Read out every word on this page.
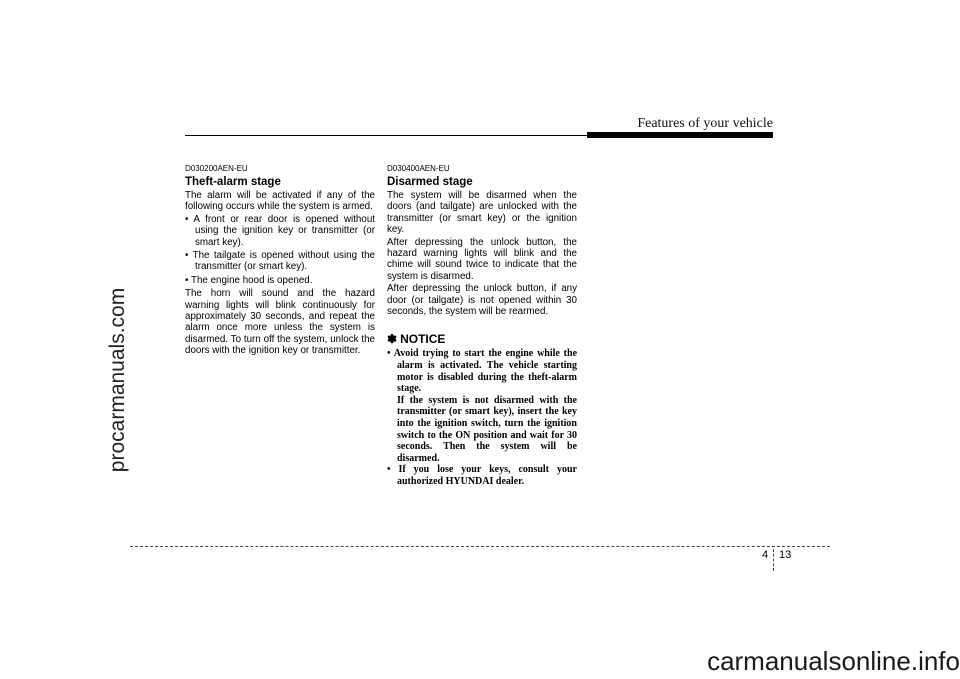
procarmanuals.com
Features of your vehicle
D030200AEN-EU
Theft-alarm stage
The alarm will be activated if any of the following occurs while the system is armed.
• A front or rear door is opened without using the ignition key or transmitter (or smart key).
• The tailgate is opened without using the transmitter (or smart key).
• The engine hood is opened.
The horn will sound and the hazard warning lights will blink continuously for approximately 30 seconds, and repeat the alarm once more unless the system is disarmed. To turn off the system, unlock the doors with the ignition key or transmitter.
D030400AEN-EU
Disarmed stage
The system will be disarmed when the doors (and tailgate) are unlocked with the transmitter (or smart key) or the ignition key.
After depressing the unlock button, the hazard warning lights will blink and the chime will sound twice to indicate that the system is disarmed.
After depressing the unlock button, if any door (or tailgate) is not opened within 30 seconds, the system will be rearmed.
✽ NOTICE
• Avoid trying to start the engine while the alarm is activated. The vehicle starting motor is disabled during the theft-alarm stage.
If the system is not disarmed with the transmitter (or smart key), insert the key into the ignition switch, turn the ignition switch to the ON position and wait for 30 seconds. Then the system will be disarmed.
• If you lose your keys, consult your authorized HYUNDAI dealer.
4 13
carmanualsonline.info
